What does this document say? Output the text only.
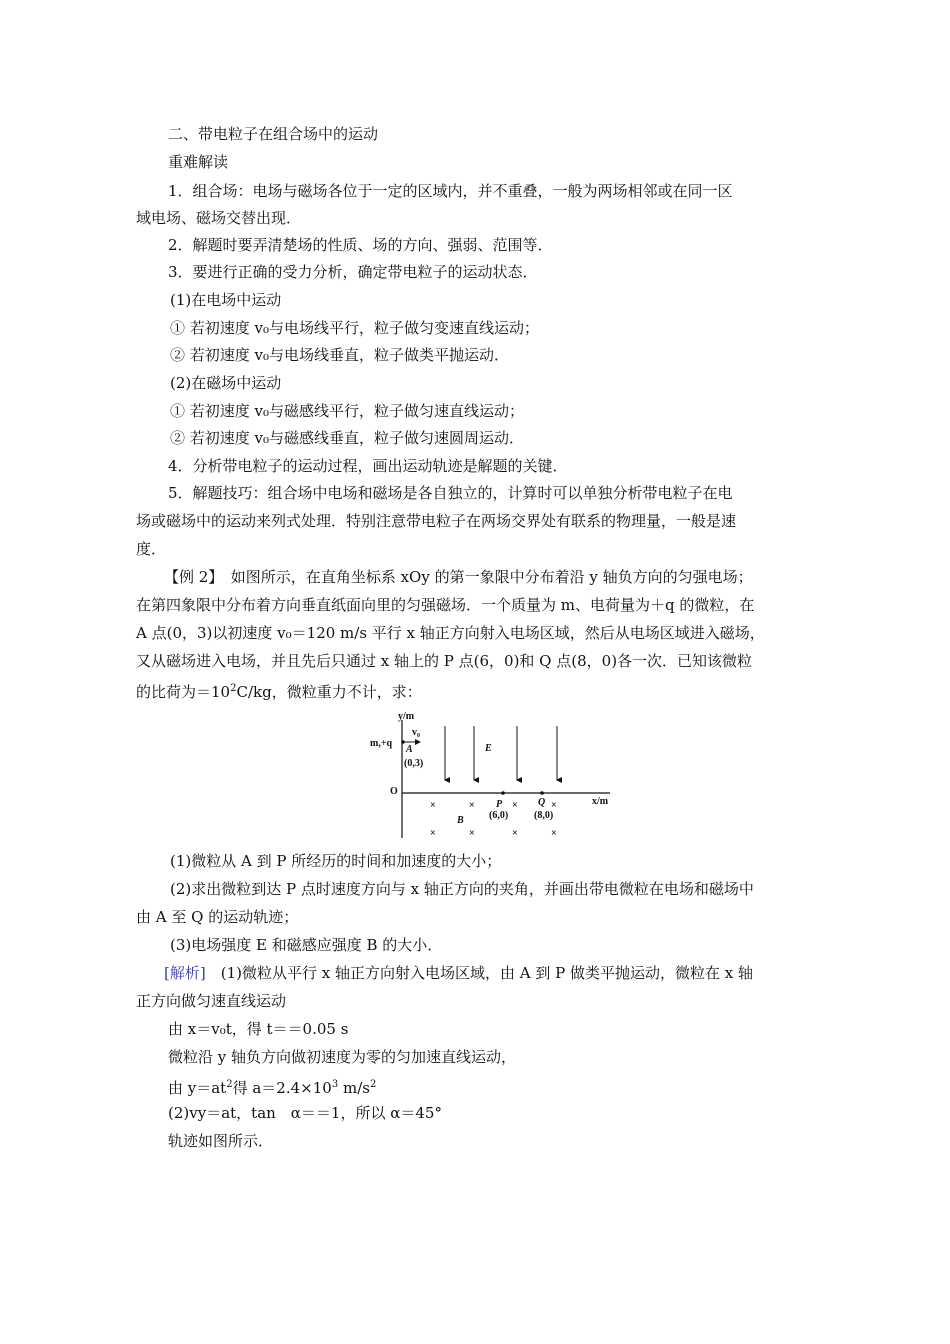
二、带电粒子在组合场中的运动
重难解读
1．组合场：电场与磁场各位于一定的区域内，并不重叠，一般为两场相邻或在同一区
域电场、磁场交替出现．
2．解题时要弄清楚场的性质、场的方向、强弱、范围等．
3．要进行正确的受力分析，确定带电粒子的运动状态．
(1)在电场中运动
① 若初速度 v₀与电场线平行，粒子做匀变速直线运动；
② 若初速度 v₀与电场线垂直，粒子做类平抛运动．
(2)在磁场中运动
① 若初速度 v₀与磁感线平行，粒子做匀速直线运动；
② 若初速度 v₀与磁感线垂直，粒子做匀速圆周运动．
4．分析带电粒子的运动过程，画出运动轨迹是解题的关键．
5．解题技巧：组合场中电场和磁场是各自独立的，计算时可以单独分析带电粒子在电
场或磁场中的运动来列式处理．特别注意带电粒子在两场交界处有联系的物理量，一般是速
度．
【例 2】　如图所示，在直角坐标系 xOy 的第一象限中分布着沿 y 轴负方向的匀强电场；
在第四象限中分布着方向垂直纸面向里的匀强磁场．一个质量为 m、电荷量为＋q 的微粒，在
A 点(0，3)以初速度 v₀＝120 m/s 平行 x 轴正方向射入电场区域，然后从电场区域进入磁场，
又从磁场进入电场，并且先后只通过 x 轴上的 P 点(6，0)和 Q 点(8，0)各一次．已知该微粒
的比荷为$=10^2C/kg$，微粒重力不计，求：
y/m
x/m
O
v₀
m,+q
A
(0,3)
E
P
(6,0)
Q
(8,0)
B
×	×	×	×
×	×	×	×
(1)微粒从 A 到 P 所经历的时间和加速度的大小；
(2)求出微粒到达 P 点时速度方向与 x 轴正方向的夹角，并画出带电微粒在电场和磁场中
由 A 至 Q 的运动轨迹；
(3)电场强度 E 和磁感应强度 B 的大小．
[解析]　(1)微粒从平行 x 轴正方向射入电场区域，由 A 到 P 做类平抛运动，微粒在 x 轴
正方向做匀速直线运动
由 x＝v₀t，得 t＝＝0.05 s
微粒沿 y 轴负方向做初速度为零的匀加速直线运动，
由 $y=at^2$得 $a=2.4\times 10^3$ $m/s^2$
(2)vy＝at，tan　α＝＝1，所以 α＝45°
轨迹如图所示．
